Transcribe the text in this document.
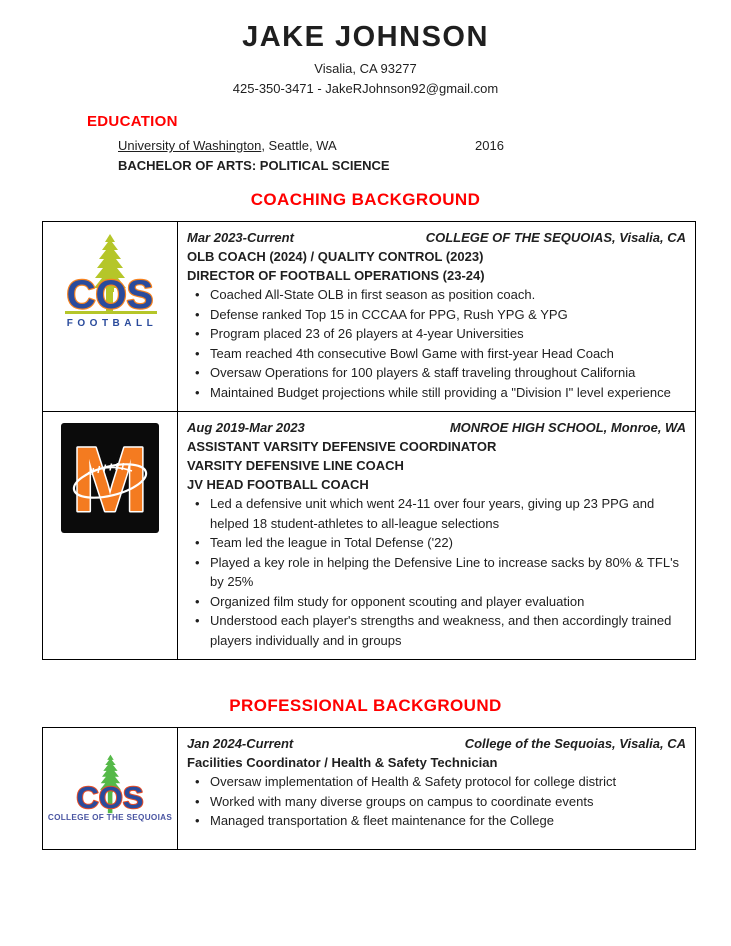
JAKE JOHNSON
Visalia, CA 93277
425-350-3471 - JakeRJohnson92@gmail.com
EDUCATION
University of Washington, Seattle, WA	2016
BACHELOR OF ARTS: POLITICAL SCIENCE
COACHING BACKGROUND
COS
FOOTBALL
Mar 2023-Current	COLLEGE OF THE SEQUOIAS, Visalia, CA
OLB COACH (2024) / QUALITY CONTROL (2023)
DIRECTOR OF FOOTBALL OPERATIONS (23-24)
• Coached All-State OLB in first season as position coach.
• Defense ranked Top 15 in CCCAA for PPG, Rush YPG & YPG
• Program placed 23 of 26 players at 4-year Universities
• Team reached 4th consecutive Bowl Game with first-year Head Coach
• Oversaw Operations for 100 players & staff traveling throughout California
• Maintained Budget projections while still providing a "Division I" level experience
M
Aug 2019-Mar 2023	MONROE HIGH SCHOOL, Monroe, WA
ASSISTANT VARSITY DEFENSIVE COORDINATOR
VARSITY DEFENSIVE LINE COACH
JV HEAD FOOTBALL COACH
• Led a defensive unit which went 24-11 over four years, giving up 23 PPG and helped 18 student-athletes to all-league selections
• Team led the league in Total Defense ('22)
• Played a key role in helping the Defensive Line to increase sacks by 80% & TFL's by 25%
• Organized film study for opponent scouting and player evaluation
• Understood each player's strengths and weakness, and then accordingly trained players individually and in groups
PROFESSIONAL BACKGROUND
COS
COLLEGE OF THE SEQUOIAS
Jan 2024-Current	College of the Sequoias, Visalia, CA
Facilities Coordinator / Health & Safety Technician
• Oversaw implementation of Health & Safety protocol for college district
• Worked with many diverse groups on campus to coordinate events
• Managed transportation & fleet maintenance for the College
